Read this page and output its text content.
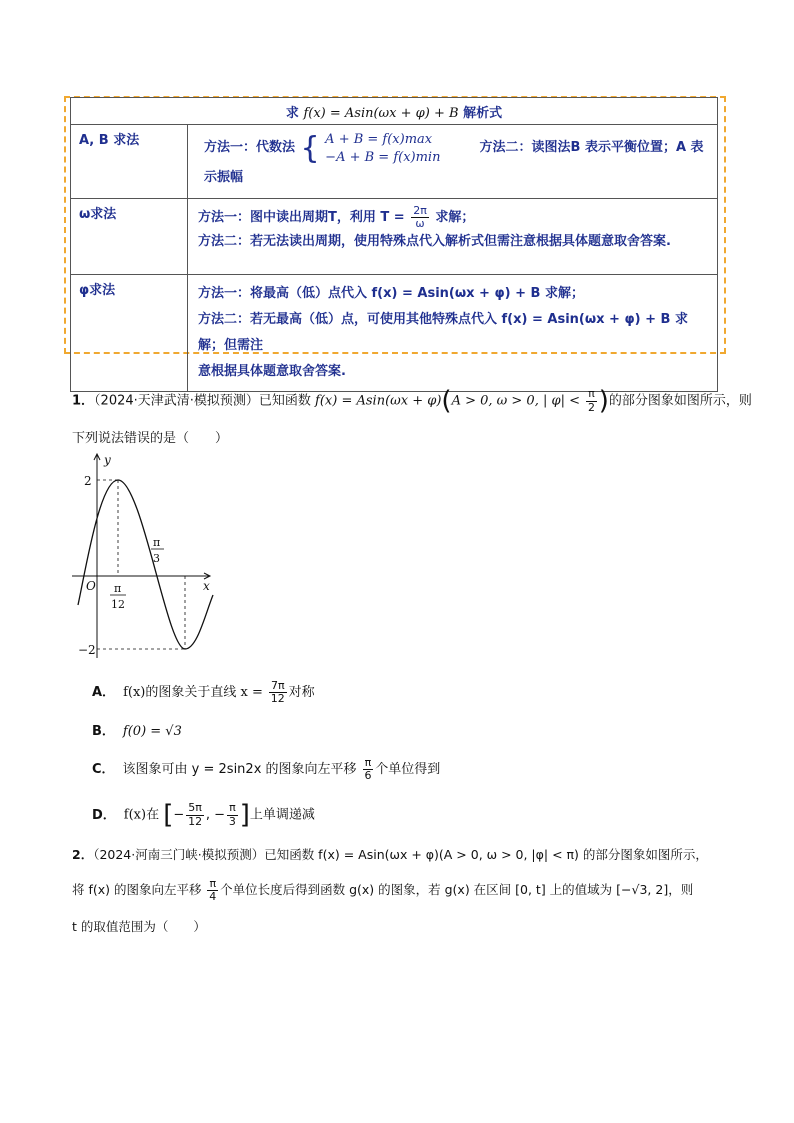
求 f(x) = Asin(ωx + φ) + B 解析式	
A, B 求法	方法一：代数法 { A + B = f(x)max
−A + B = f(x)min  方法二：读图法B 表示平衡位置；A 表示振幅
ω求法	方法一：图中读出周期T，利用 $T = \frac{2\pi}{\omega}$ 求解；
方法二：若无法读出周期，使用特殊点代入解析式但需注意根据具体题意取舍答案.
φ求法	方法一：将最高（低）点代入 f(x) = Asin(ωx + φ) + B 求解；
方法二：若无最高（低）点，可使用其他特殊点代入 f(x) = Asin(ωx + φ) + B 求解；但需注
意根据具体题意取舍答案.
1．（2024·天津武清·模拟预测）已知函数 f(x) = Asin(ωx + φ)(A > 0, ω > 0, | $\varphi| < \frac{\pi}{2}$ )的部分图象如图所示，则
下列说法错误的是（　　）
y
x
O
2
−2
π
12
π
3
A． f(x)的图象关于直线 $x = \frac{7\pi}{12}$ 对称
B． f(0) = √3
C． 该图象可由 y = 2sin2x 的图象向左平移 $\frac{\pi}{6}$ 个单位得到
D． f(x)在 [− $\frac{5\pi}{12}$ , − $\frac{\pi}{3}$ ]上单调递减
2．（2024·河南三门峡·模拟预测）已知函数 f(x) = Asin(ωx + φ)(A > 0, ω > 0, |φ| < π) 的部分图象如图所示，
将 f(x) 的图象向左平移 $\frac{\pi}{4}$ 个单位长度后得到函数 g(x) 的图象，若 g(x) 在区间 [0, t] 上的值域为 [−√3, 2]，则
t 的取值范围为（　　）
